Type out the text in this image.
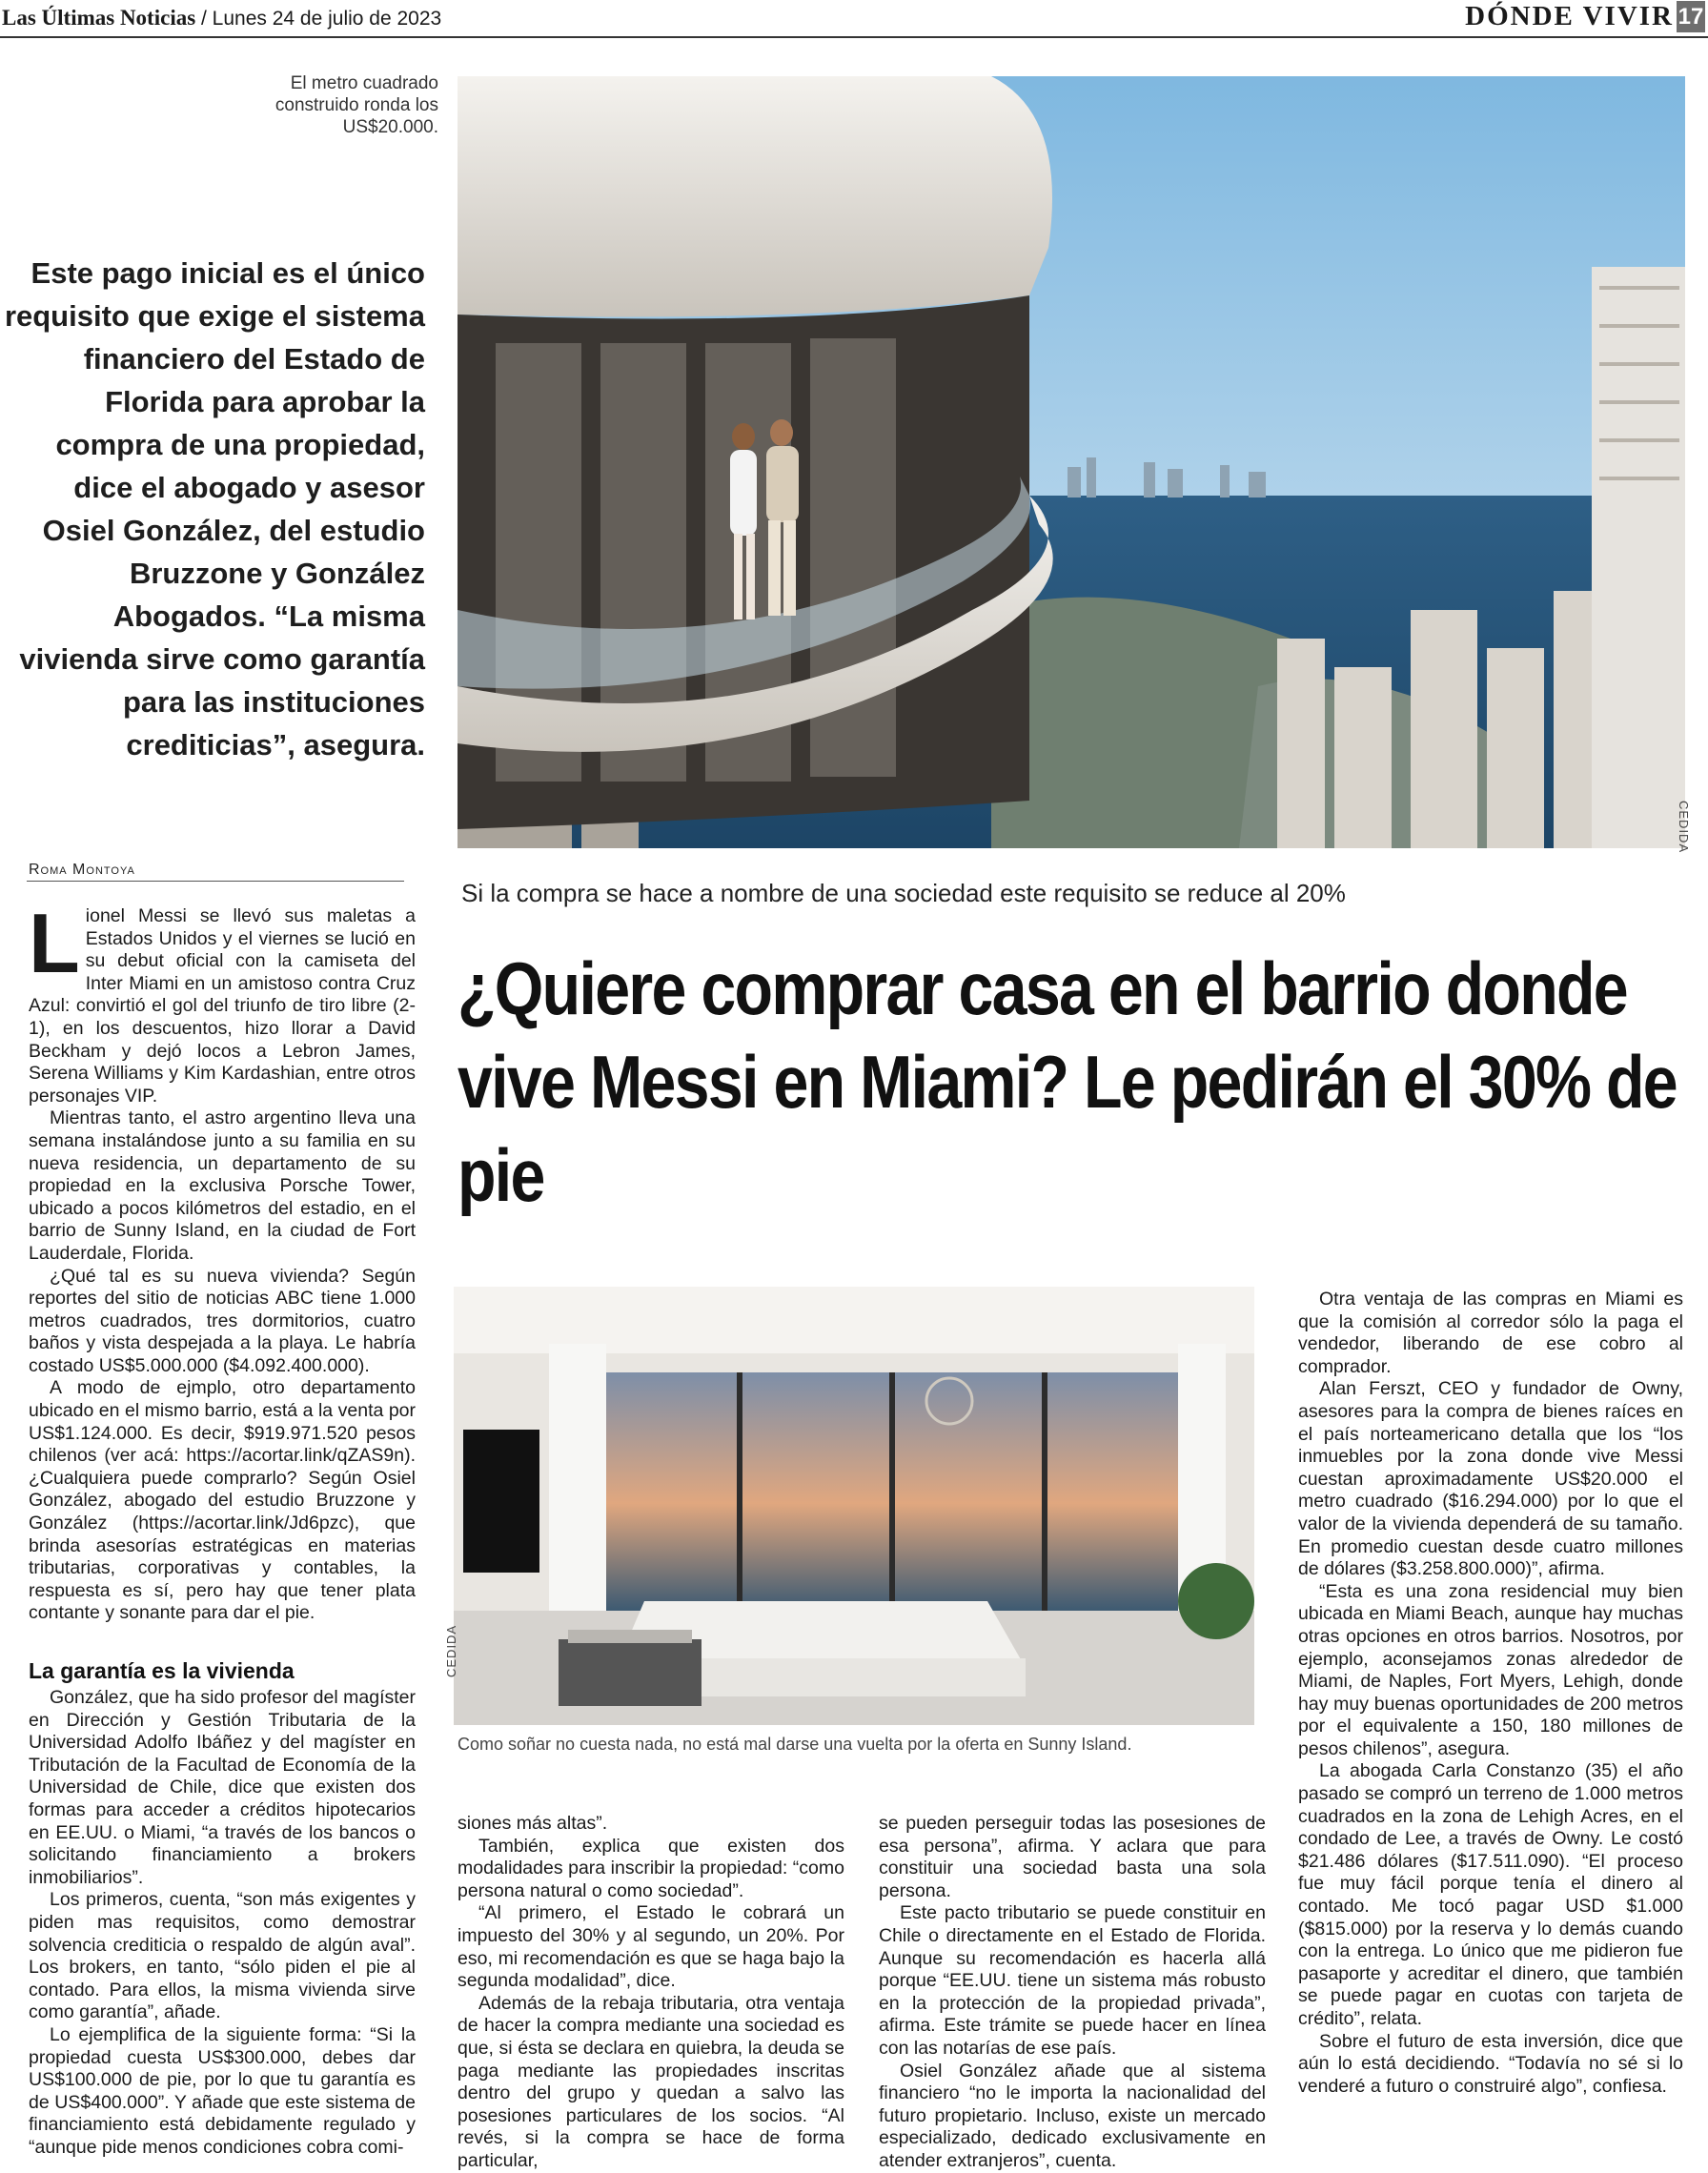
Las Últimas Noticias / Lunes 24 de julio de 2023	DÓNDE VIVIR 17
El metro cuadrado construido ronda los US$20.000.
Este pago inicial es el único requisito que exige el sistema financiero del Estado de Florida para aprobar la compra de una propiedad, dice el abogado y asesor Osiel González, del estudio Bruzzone y González Abogados. “La misma vivienda sirve como garantía para las instituciones crediticias”, asegura.
CEDIDA
Roma Montoya

Lionel Messi se llevó sus maletas a Estados Unidos y el viernes se lució en su debut oficial con la camiseta del Inter Miami en un amistoso contra Cruz Azul: convirtió el gol del triunfo de tiro libre (2-1), en los descuentos, hizo llorar a David Beckham y dejó locos a Lebron James, Serena Williams y Kim Kardashian, entre otros personajes VIP.

Mientras tanto, el astro argentino lleva una semana instalándose junto a su familia en su nueva residencia, un departamento de su propiedad en la exclusiva Porsche Tower, ubicado a pocos kilómetros del estadio, en el barrio de Sunny Island, en la ciudad de Fort Lauderdale, Florida.

¿Qué tal es su nueva vivienda? Según reportes del sitio de noticias ABC tiene 1.000 metros cuadrados, tres dormitorios, cuatro baños y vista despejada a la playa. Le habría costado US$5.000.000 ($4.092.400.000).

A modo de ejmplo, otro departamento ubicado en el mismo barrio, está a la venta por US$1.124.000. Es decir, $919.971.520 pesos chilenos (ver acá: https://acortar.link/qZAS9n). ¿Cualquiera puede comprarlo? Según Osiel González, abogado del estudio Bruzzone y González (https://acortar.link/Jd6pzc), que brinda asesorías estratégicas en materias tributarias, corporativas y contables, la respuesta es sí, pero hay que tener plata contante y sonante para dar el pie.

La garantía es la vivienda

González, que ha sido profesor del magíster en Dirección y Gestión Tributaria de la Universidad Adolfo Ibáñez y del magíster en Tributación de la Facultad de Economía de la Universidad de Chile, dice que existen dos formas para acceder a créditos hipotecarios en EE.UU. o Miami, “a través de los bancos o solicitando financiamiento a brokers inmobiliarios”.

Los primeros, cuenta, “son más exigentes y piden mas requisitos, como demostrar solvencia crediticia o respaldo de algún aval”. Los brokers, en tanto, “sólo piden el pie al contado. Para ellos, la misma vivienda sirve como garantía”, añade.

Lo ejemplifica de la siguiente forma: “Si la propiedad cuesta US$300.000, debes dar US$100.000 de pie, por lo que tu garantía es de US$400.000”. Y añade que este sistema de financiamiento está debidamente regulado y “aunque pide menos condiciones cobra comi-

Si la compra se hace a nombre de una sociedad este requisito se reduce al 20%
¿Quiere comprar casa en el barrio donde vive Messi en Miami? Le pedirán el 30% de pie
CEDIDA
Como soñar no cuesta nada, no está mal darse una vuelta por la oferta en Sunny Island.

siones más altas”.

También, explica que existen dos modalidades para inscribir la propiedad: “como persona natural o como sociedad”.

“Al primero, el Estado le cobrará un impuesto del 30% y al segundo, un 20%. Por eso, mi recomendación es que se haga bajo la segunda modalidad”, dice.

Además de la rebaja tributaria, otra ventaja de hacer la compra mediante una sociedad es que, si ésta se declara en quiebra, la deuda se paga mediante las propiedades inscritas dentro del grupo y quedan a salvo las posesiones particulares de los socios. “Al revés, si la compra se hace de forma particular,

se pueden perseguir todas las posesiones de esa persona”, afirma. Y aclara que para constituir una sociedad basta una sola persona.

Este pacto tributario se puede constituir en Chile o directamente en el Estado de Florida. Aunque su recomendación es hacerla allá porque “EE.UU. tiene un sistema más robusto en la protección de la propiedad privada”, afirma. Este trámite se puede hacer en línea con las notarías de ese país.

Osiel González añade que al sistema financiero “no le importa la nacionalidad del futuro propietario. Incluso, existe un mercado especializado, dedicado exclusivamente en atender extranjeros”, cuenta.

Otra ventaja de las compras en Miami es que la comisión al corredor sólo la paga el vendedor, liberando de ese cobro al comprador.

Alan Ferszt, CEO y fundador de Owny, asesores para la compra de bienes raíces en el país norteamericano detalla que los “los inmuebles por la zona donde vive Messi cuestan aproximadamente US$20.000 el metro cuadrado ($16.294.000) por lo que el valor de la vivienda dependerá de su tamaño. En promedio cuestan desde cuatro millones de dólares ($3.258.800.000)”, afirma.

“Esta es una zona residencial muy bien ubicada en Miami Beach, aunque hay muchas otras opciones en otros barrios. Nosotros, por ejemplo, aconsejamos zonas alrededor de Miami, de Naples, Fort Myers, Lehigh, donde hay muy buenas oportunidades de 200 metros por el equivalente a 150, 180 millones de pesos chilenos”, asegura.

La abogada Carla Constanzo (35) el año pasado se compró un terreno de 1.000 metros cuadrados en la zona de Lehigh Acres, en el condado de Lee, a través de Owny. Le costó $21.486 dólares ($17.511.090). “El proceso fue muy fácil porque tenía el dinero al contado. Me tocó pagar USD $1.000 ($815.000) por la reserva y lo demás cuando con la entrega. Lo único que me pidieron fue pasaporte y acreditar el dinero, que también se puede pagar en cuotas con tarjeta de crédito”, relata.

Sobre el futuro de esta inversión, dice que aún lo está decidiendo. “Todavía no sé si lo venderé a futuro o construiré algo”, confiesa.
